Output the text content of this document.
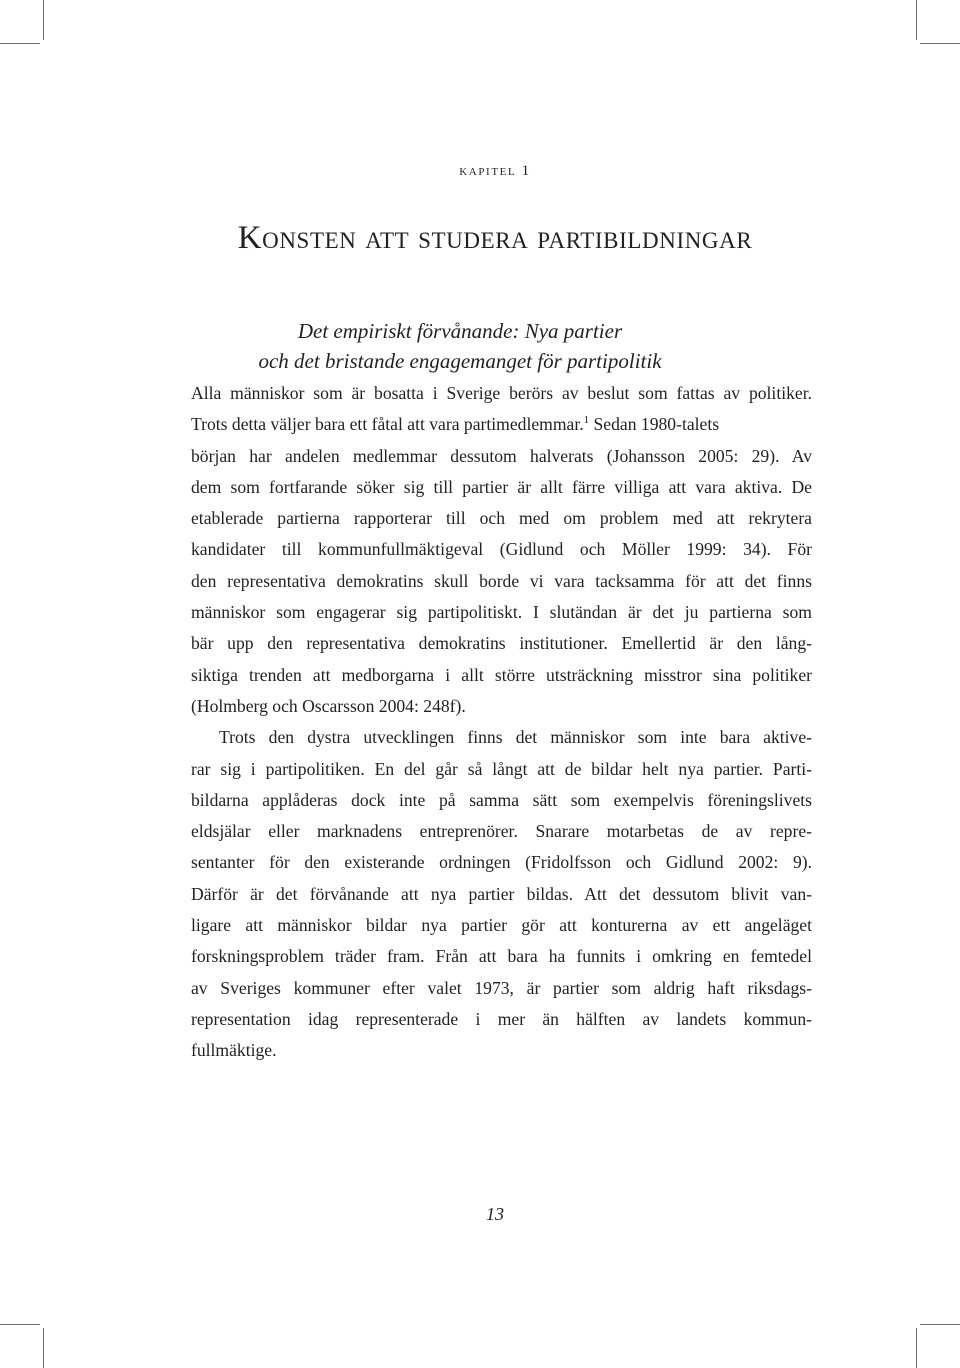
kapitel 1
Konsten att studera partibildningar
Det empiriskt förvånande: Nya partier
och det bristande engagemanget för partipolitik

Alla människor som är bosatta i Sverige berörs av beslut som fattas av politiker.
Trots detta väljer bara ett fåtal att vara partimedlemmar.$^1$ Sedan 1980-talets
början har andelen medlemmar dessutom halverats (Johansson 2005: 29). Av
dem som fortfarande söker sig till partier är allt färre villiga att vara aktiva. De
etablerade partierna rapporterar till och med om problem med att rekrytera
kandidater till kommunfullmäktigeval (Gidlund och Möller 1999: 34). För
den representativa demokratins skull borde vi vara tacksamma för att det finns
människor som engagerar sig partipolitiskt. I slutändan är det ju partierna som
bär upp den representativa demokratins institutioner. Emellertid är den lång-
siktiga trenden att medborgarna i allt större utsträckning misstror sina politiker
(Holmberg och Oscarsson 2004: 248f).

Trots den dystra utvecklingen finns det människor som inte bara aktive-
rar sig i partipolitiken. En del går så långt att de bildar helt nya partier. Parti-
bildarna applåderas dock inte på samma sätt som exempelvis föreningslivets
eldsjälar eller marknadens entreprenörer. Snarare motarbetas de av repre-
sentanter för den existerande ordningen (Fridolfsson och Gidlund 2002: 9).
Därför är det förvånande att nya partier bildas. Att det dessutom blivit van-
ligare att människor bildar nya partier gör att konturerna av ett angeläget
forskningsproblem träder fram. Från att bara ha funnits i omkring en femtedel
av Sveriges kommuner efter valet 1973, är partier som aldrig haft riksdags-
representation idag representerade i mer än hälften av landets kommun-
fullmäktige.

13
